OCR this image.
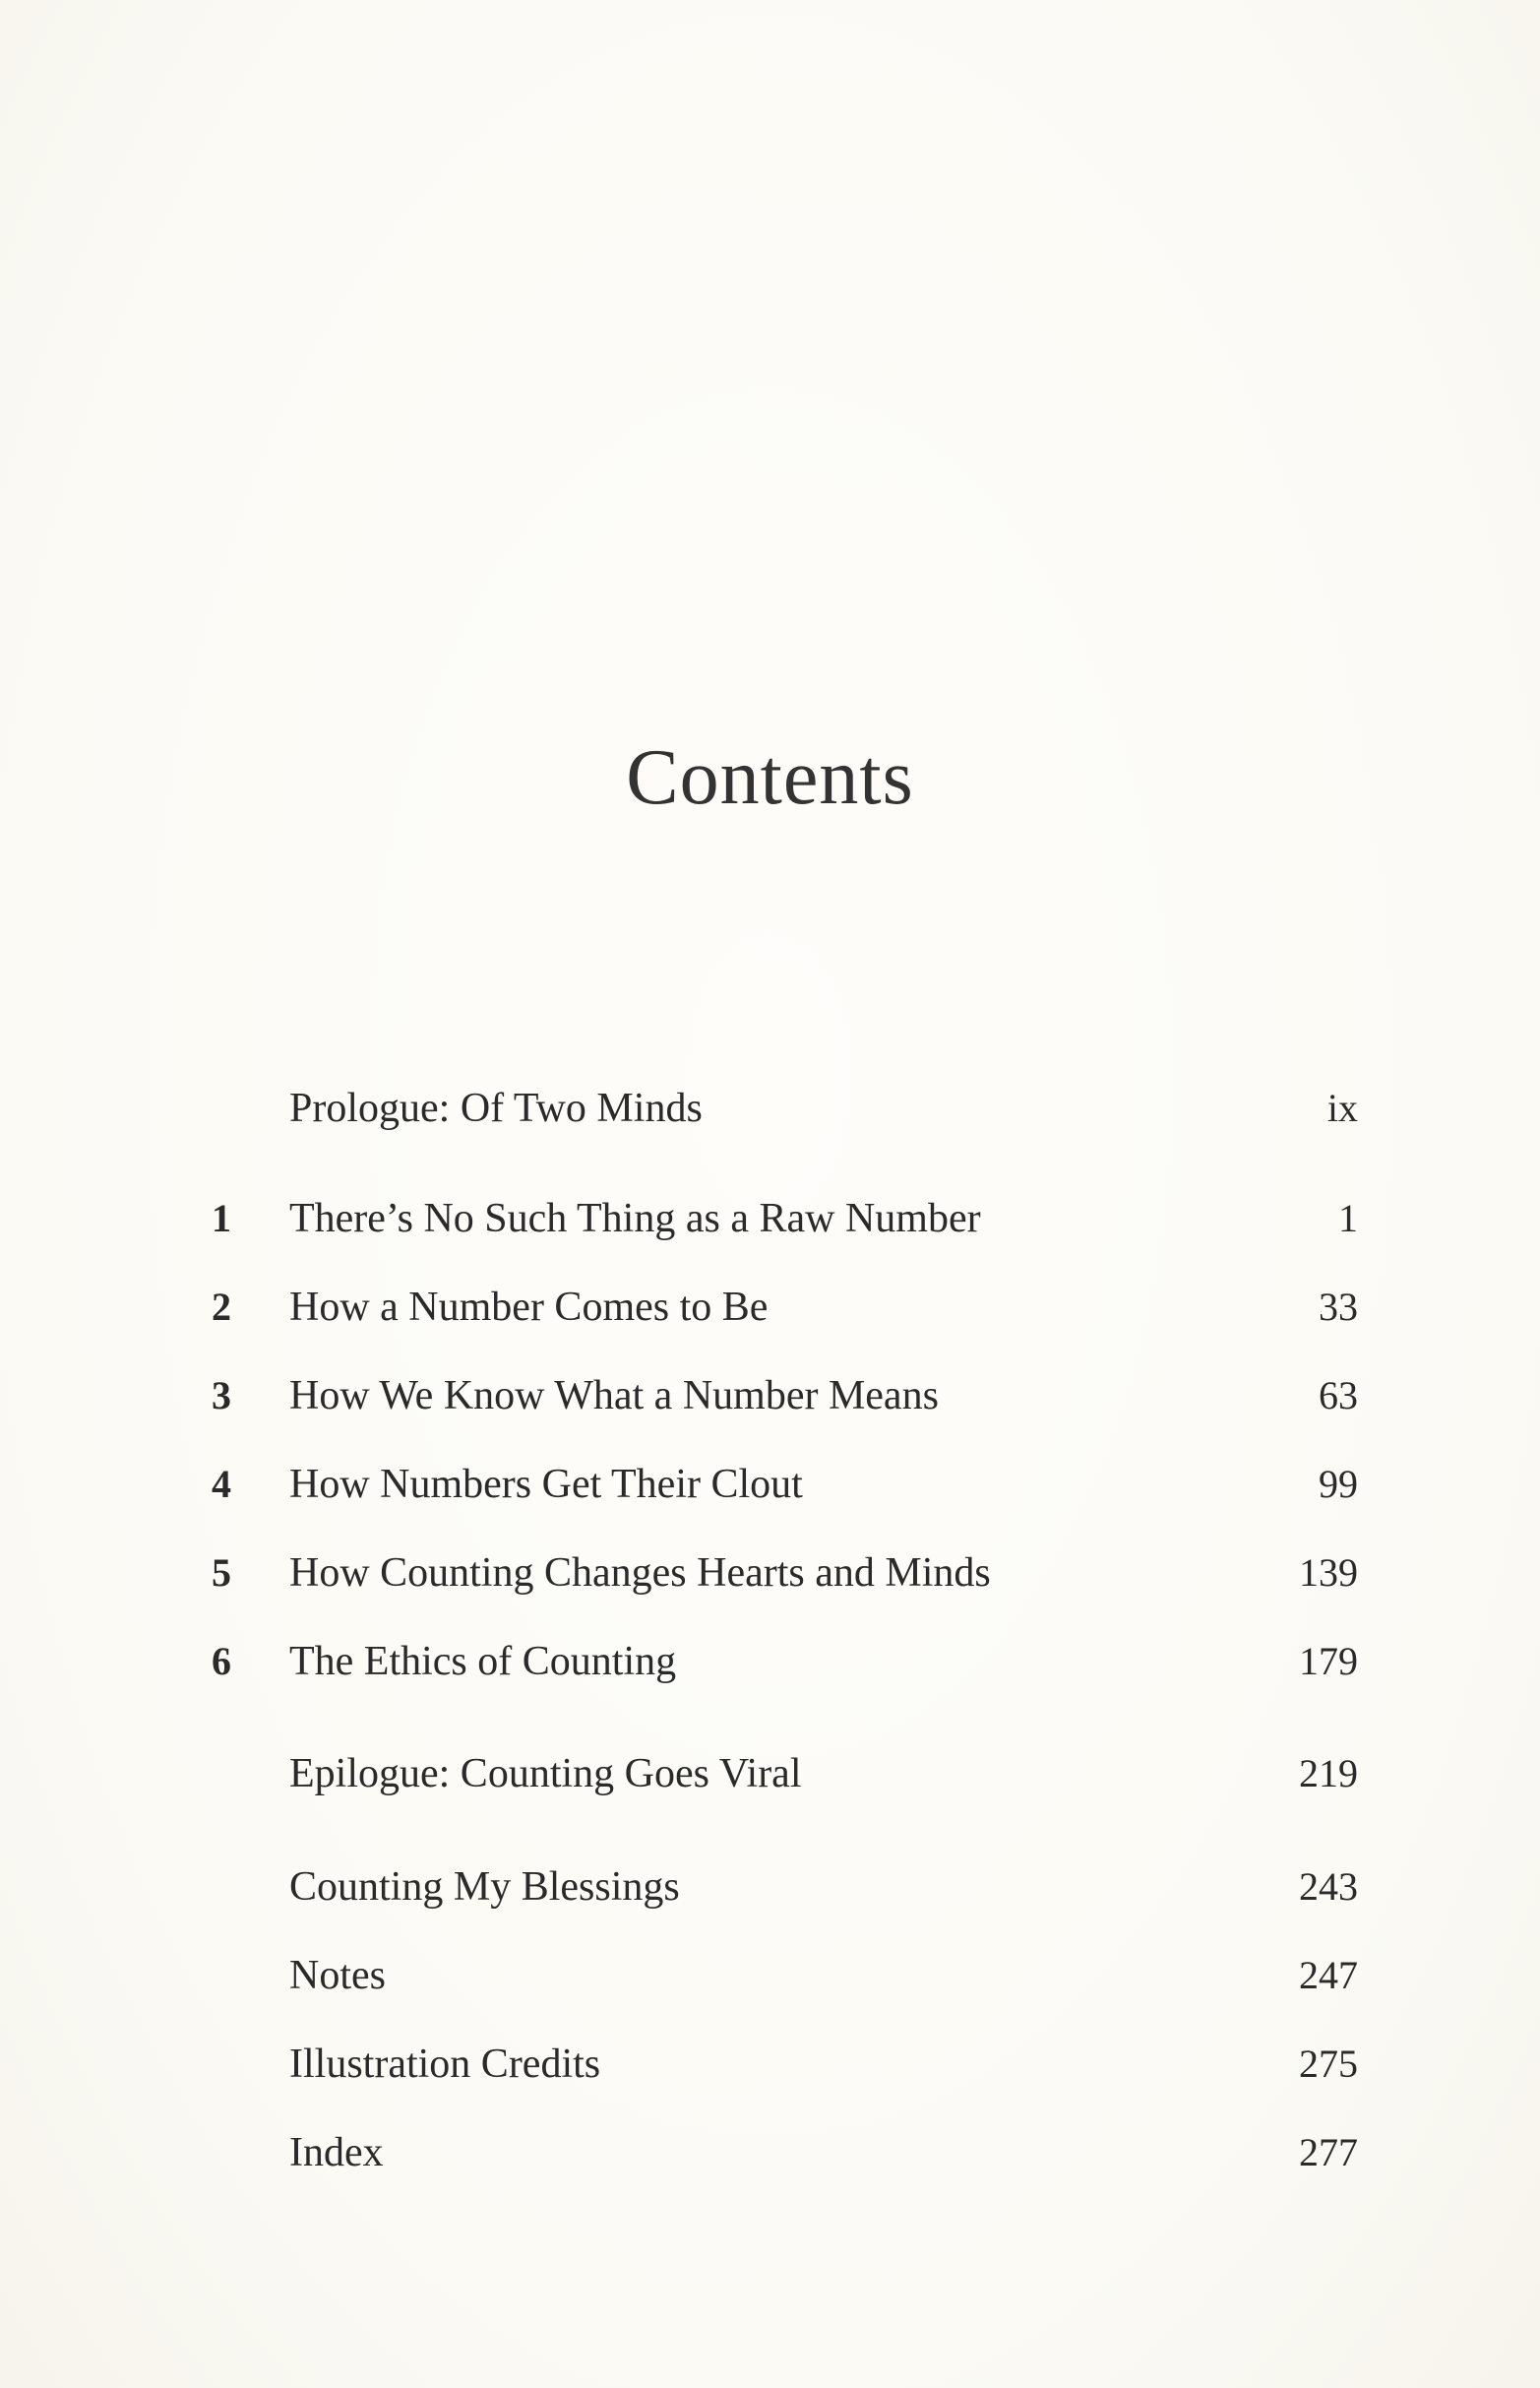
Contents
Prologue: Of Two Minds	ix
1	There’s No Such Thing as a Raw Number	1
2	How a Number Comes to Be	33
3	How We Know What a Number Means	63
4	How Numbers Get Their Clout	99
5	How Counting Changes Hearts and Minds	139
6	The Ethics of Counting	179
Epilogue: Counting Goes Viral	219
Counting My Blessings	243
Notes	247
Illustration Credits	275
Index	277
